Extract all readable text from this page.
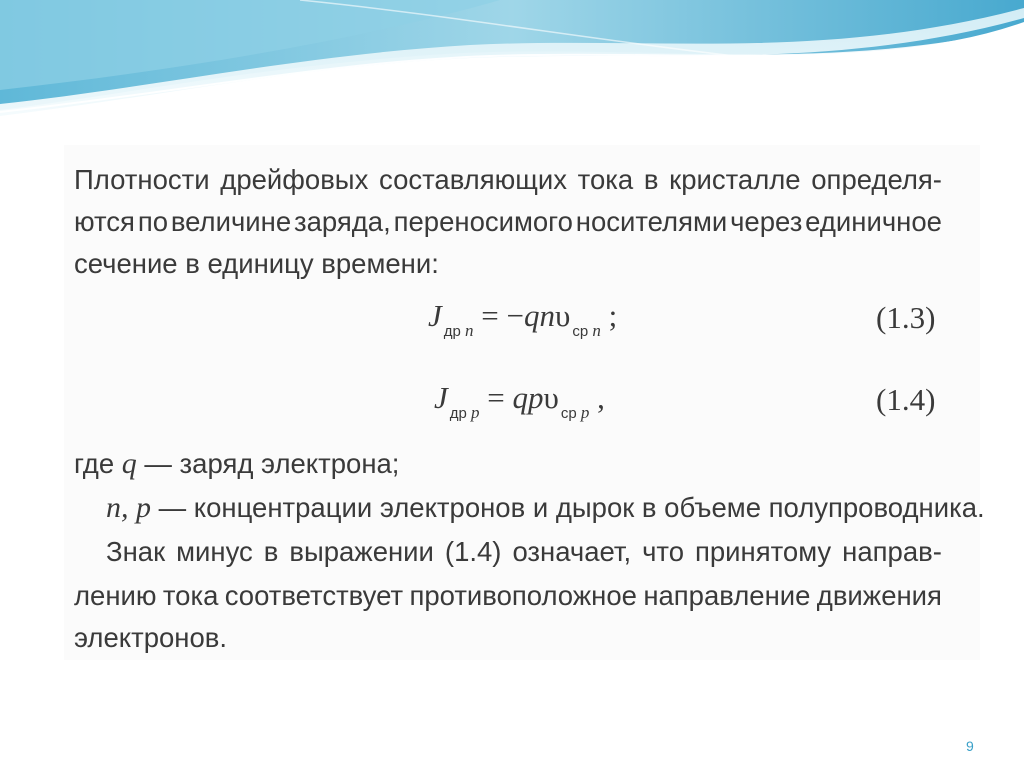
Плотности дрейфовых составляющих тока в кристалле определя-
ются по величине заряда, переносимого носителями через единичное
сечение в единицу времени:
J $_{др n}$ = −qnυ $_{ср n}$ ;	(1.3)
J $_{др p}$ = qpυ $_{ср p}$ ,	(1.4)
где q — заряд электрона;
n, p — концентрации электронов и дырок в объеме полупроводника.
Знак минус в выражении (1.4) означает, что принятому направ-
лению тока соответствует противоположное направление движения
электронов.
9
